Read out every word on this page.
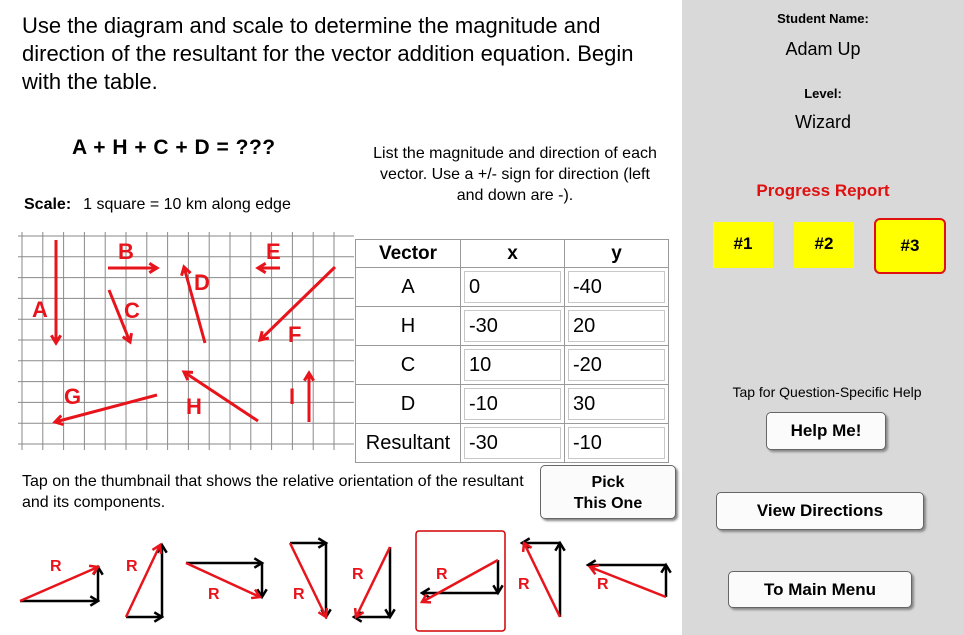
Use the diagram and scale to determine the magnitude and direction of the resultant for the vector addition equation. Begin with the table.
A + H + C + D = ???
Scale: 1 square = 10 km along edge
List the magnitude and direction of each vector. Use a +/- sign for direction (left and down are -).
A
B
C
D
E
F
G	H	I
Vector	x	y
A	0	-40

H	-30	20

C	10	-20

D	-10	30

Resultant	-30	-10
Tap on the thumbnail that shows the relative orientation of the resultant and its components.
Pick
This One
R	R
R	R
R	R
R	R
Student Name:
Adam Up
Level:
Wizard
Progress Report
#1	#2	#3
Tap for Question-Specific Help
Help Me!
View Directions
To Main Menu
